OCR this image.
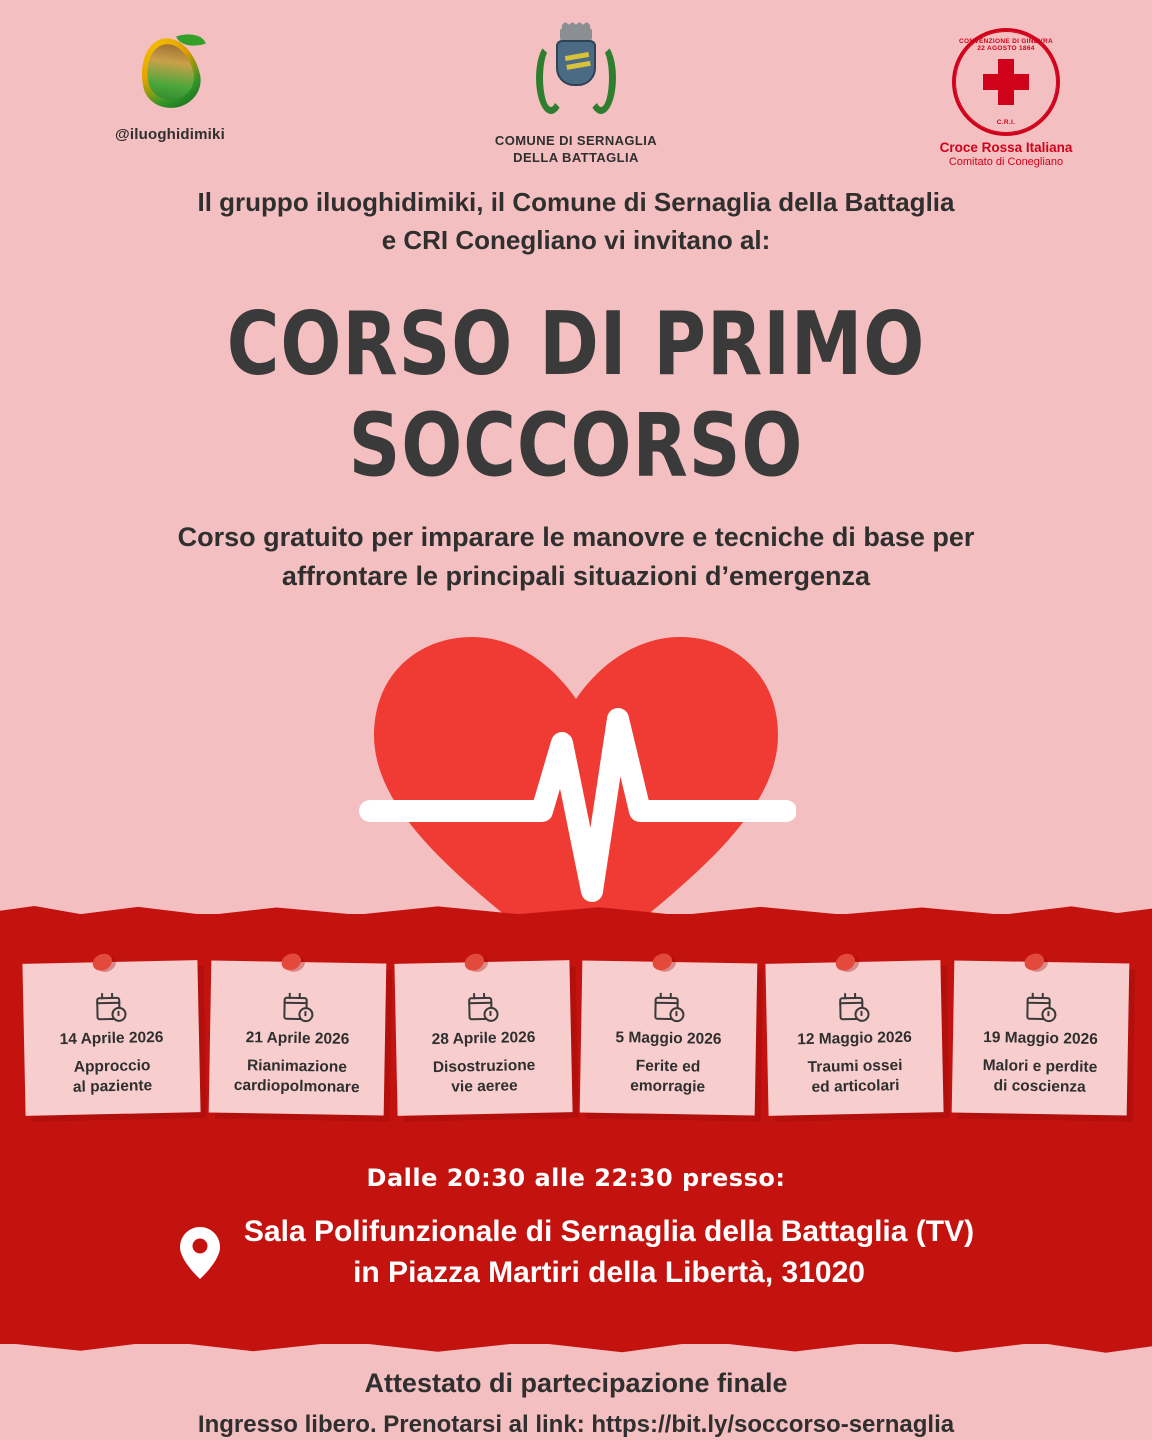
@iluoghidimiki	COMUNE DI SERNAGLIA
DELLA BATTAGLIA
CONVENZIONE DI GINEVRA 22 AGOSTO 1864
C.R.I.
Croce Rossa Italiana
Comitato di Conegliano
Il gruppo iluoghidimiki, il Comune di Sernaglia della Battaglia
e CRI Conegliano vi invitano al:
CORSO DI PRIMO SOCCORSO
Corso gratuito per imparare le manovre e tecniche di base per
affrontare le principali situazioni d’emergenza
14 Aprile 2026
Approccio
al paziente
21 Aprile 2026
Rianimazione
cardiopolmonare
28 Aprile 2026
Disostruzione
vie aeree
5 Maggio 2026
Ferite ed
emorragie
12 Maggio 2026
Traumi ossei
ed articolari
19 Maggio 2026
Malori e perdite
di coscienza
Dalle 20:30 alle 22:30 presso:
Sala Polifunzionale di Sernaglia della Battaglia (TV)
in Piazza Martiri della Libertà, 31020
Attestato di partecipazione finale
Ingresso libero. Prenotarsi al link: https://bit.ly/soccorso-sernaglia
